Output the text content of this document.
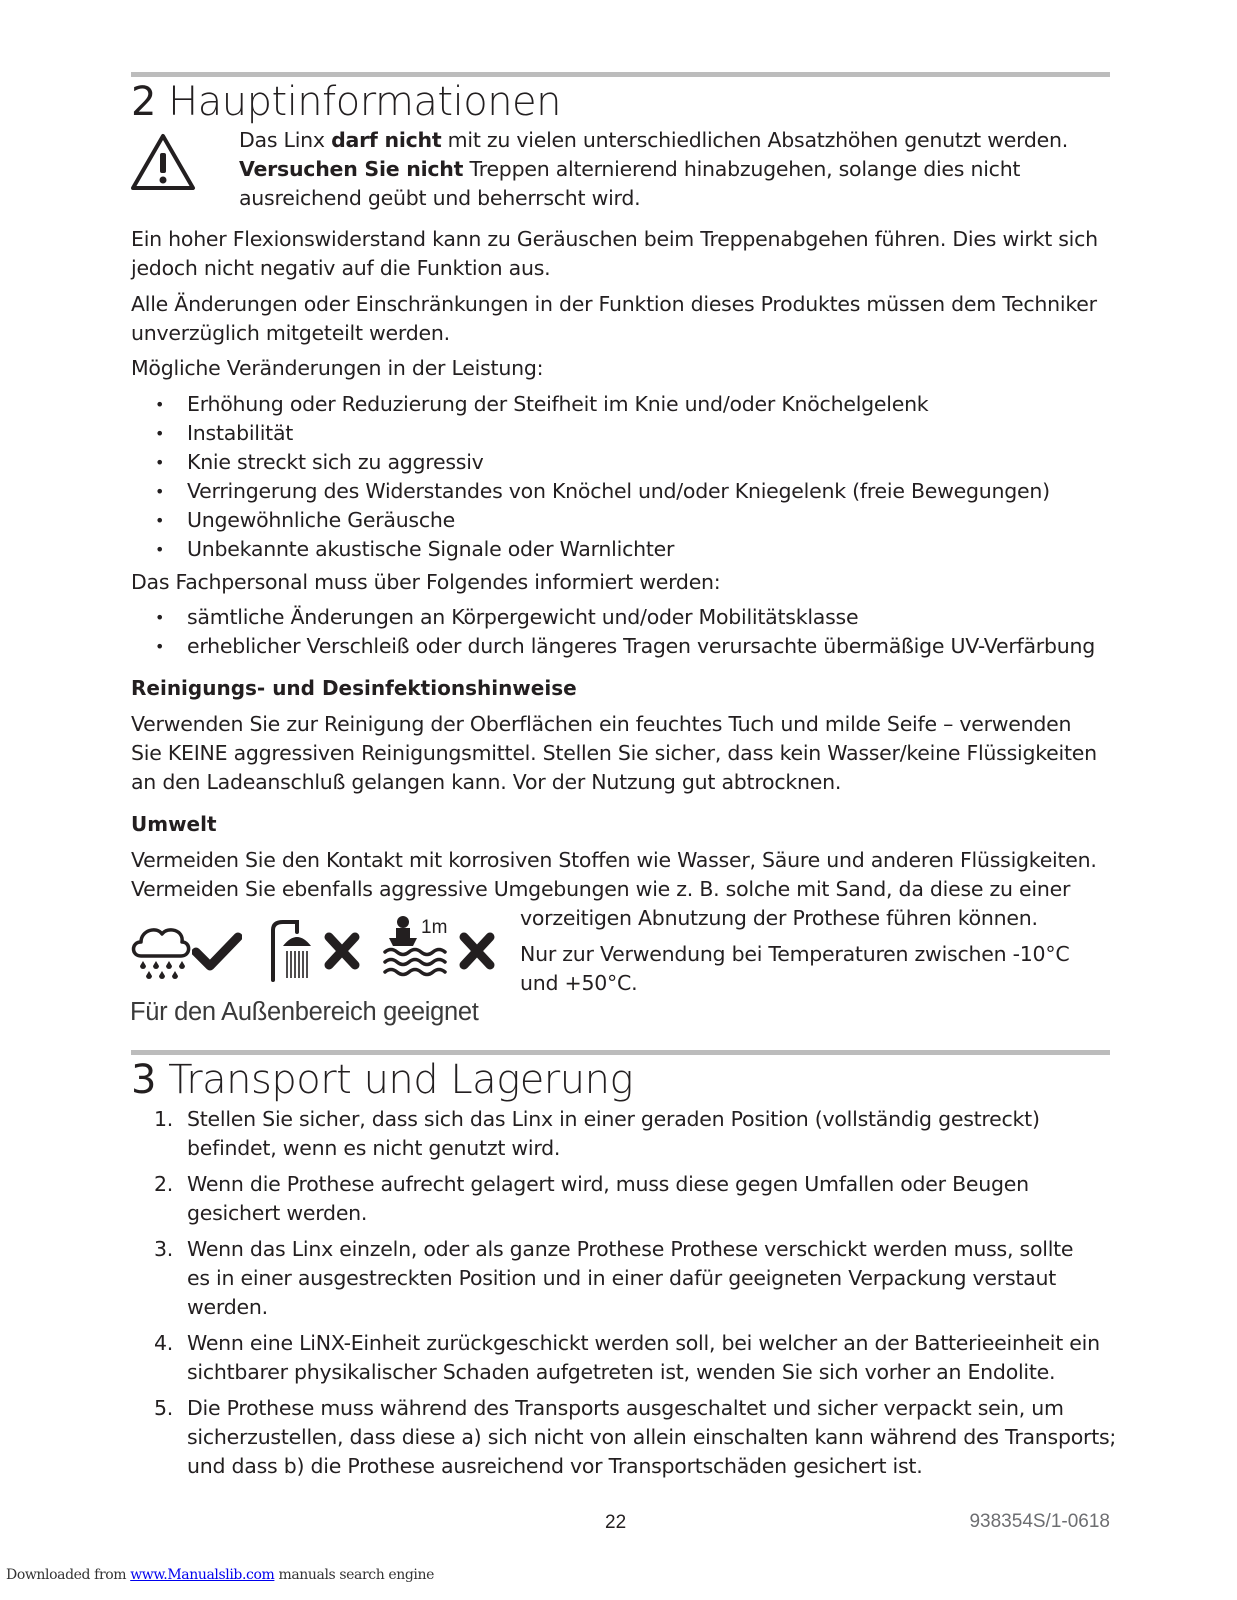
2 Hauptinformationen
Das Linx darf nicht mit zu vielen unterschiedlichen Absatzhöhen genutzt werden.
Versuchen Sie nicht Treppen alternierend hinabzugehen, solange dies nicht
ausreichend geübt und beherrscht wird.
Ein hoher Flexionswiderstand kann zu Geräuschen beim Treppenabgehen führen. Dies wirkt sich
jedoch nicht negativ auf die Funktion aus.
Alle Änderungen oder Einschränkungen in der Funktion dieses Produktes müssen dem Techniker
unverzüglich mitgeteilt werden.
Mögliche Veränderungen in der Leistung:
• Erhöhung oder Reduzierung der Steifheit im Knie und/oder Knöchelgelenk
• Instabilität
• Knie streckt sich zu aggressiv
• Verringerung des Widerstandes von Knöchel und/oder Kniegelenk (freie Bewegungen)
• Ungewöhnliche Geräusche
• Unbekannte akustische Signale oder Warnlichter
Das Fachpersonal muss über Folgendes informiert werden:
• sämtliche Änderungen an Körpergewicht und/oder Mobilitätsklasse
• erheblicher Verschleiß oder durch längeres Tragen verursachte übermäßige UV-Verfärbung
Reinigungs- und Desinfektionshinweise
Verwenden Sie zur Reinigung der Oberflächen ein feuchtes Tuch und milde Seife – verwenden
Sie KEINE aggressiven Reinigungsmittel. Stellen Sie sicher, dass kein Wasser/keine Flüssigkeiten
an den Ladeanschluß gelangen kann. Vor der Nutzung gut abtrocknen.
Umwelt
Vermeiden Sie den Kontakt mit korrosiven Stoffen wie Wasser, Säure und anderen Flüssigkeiten.
Vermeiden Sie ebenfalls aggressive Umgebungen wie z. B. solche mit Sand, da diese zu einer
vorzeitigen Abnutzung der Prothese führen können.
Nur zur Verwendung bei Temperaturen zwischen -10°C
und +50°C.
1m
Für den Außenbereich geeignet
3 Transport und Lagerung
1. Stellen Sie sicher, dass sich das Linx in einer geraden Position (vollständig gestreckt)
befindet, wenn es nicht genutzt wird.
2. Wenn die Prothese aufrecht gelagert wird, muss diese gegen Umfallen oder Beugen
gesichert werden.
3. Wenn das Linx einzeln, oder als ganze Prothese Prothese verschickt werden muss, sollte
es in einer ausgestreckten Position und in einer dafür geeigneten Verpackung verstaut
werden.
4. Wenn eine LiNX-Einheit zurückgeschickt werden soll, bei welcher an der Batterieeinheit ein
sichtbarer physikalischer Schaden aufgetreten ist, wenden Sie sich vorher an Endolite.
5. Die Prothese muss während des Transports ausgeschaltet und sicher verpackt sein, um
sicherzustellen, dass diese a) sich nicht von allein einschalten kann während des Transports;
und dass b) die Prothese ausreichend vor Transportschäden gesichert ist.
22	938354S/1-0618
Downloaded from www.Manualslib.com manuals search engine
